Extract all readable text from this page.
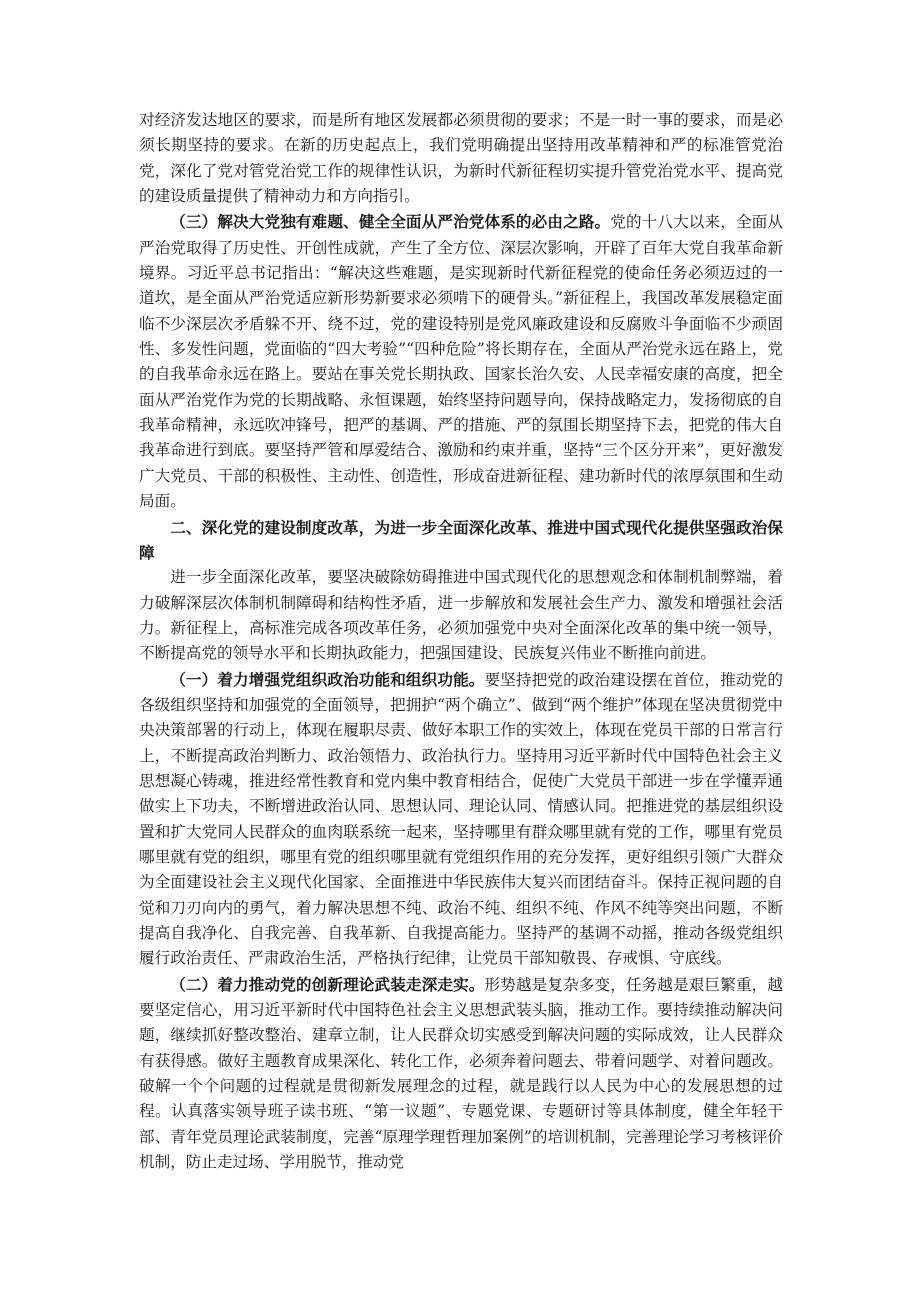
对经济发达地区的要求，而是所有地区发展都必须贯彻的要求；不是一时一事的要求，而是必须长期坚持的要求。在新的历史起点上，我们党明确提出坚持用改革精神和严的标准管党治党，深化了党对管党治党工作的规律性认识，为新时代新征程切实提升管党治党水平、提高党的建设质量提供了精神动力和方向指引。

（三）解决大党独有难题、健全全面从严治党体系的必由之路。党的十八大以来，全面从严治党取得了历史性、开创性成就，产生了全方位、深层次影响，开辟了百年大党自我革命新境界。习近平总书记指出：“解决这些难题，是实现新时代新征程党的使命任务必须迈过的一道坎，是全面从严治党适应新形势新要求必须啃下的硬骨头。”新征程上，我国改革发展稳定面临不少深层次矛盾躲不开、绕不过，党的建设特别是党风廉政建设和反腐败斗争面临不少顽固性、多发性问题，党面临的“四大考验”“四种危险”将长期存在，全面从严治党永远在路上，党的自我革命永远在路上。要站在事关党长期执政、国家长治久安、人民幸福安康的高度，把全面从严治党作为党的长期战略、永恒课题，始终坚持问题导向，保持战略定力，发扬彻底的自我革命精神，永远吹冲锋号，把严的基调、严的措施、严的氛围长期坚持下去，把党的伟大自我革命进行到底。要坚持严管和厚爱结合、激励和约束并重，坚持“三个区分开来”，更好激发广大党员、干部的积极性、主动性、创造性，形成奋进新征程、建功新时代的浓厚氛围和生动局面。

二、深化党的建设制度改革，为进一步全面深化改革、推进中国式现代化提供坚强政治保障

进一步全面深化改革，要坚决破除妨碍推进中国式现代化的思想观念和体制机制弊端，着力破解深层次体制机制障碍和结构性矛盾，进一步解放和发展社会生产力、激发和增强社会活力。新征程上，高标准完成各项改革任务，必须加强党中央对全面深化改革的集中统一领导，不断提高党的领导水平和长期执政能力，把强国建设、民族复兴伟业不断推向前进。

（一）着力增强党组织政治功能和组织功能。要坚持把党的政治建设摆在首位，推动党的各级组织坚持和加强党的全面领导，把拥护“两个确立”、做到“两个维护”体现在坚决贯彻党中央决策部署的行动上，体现在履职尽责、做好本职工作的实效上，体现在党员干部的日常言行上，不断提高政治判断力、政治领悟力、政治执行力。坚持用习近平新时代中国特色社会主义思想凝心铸魂，推进经常性教育和党内集中教育相结合，促使广大党员干部进一步在学懂弄通做实上下功夫，不断增进政治认同、思想认同、理论认同、情感认同。把推进党的基层组织设置和扩大党同人民群众的血肉联系统一起来，坚持哪里有群众哪里就有党的工作，哪里有党员哪里就有党的组织，哪里有党的组织哪里就有党组织作用的充分发挥，更好组织引领广大群众为全面建设社会主义现代化国家、全面推进中华民族伟大复兴而团结奋斗。保持正视问题的自觉和刀刃向内的勇气，着力解决思想不纯、政治不纯、组织不纯、作风不纯等突出问题，不断提高自我净化、自我完善、自我革新、自我提高能力。坚持严的基调不动摇，推动各级党组织履行政治责任、严肃政治生活，严格执行纪律，让党员干部知敬畏、存戒惧、守底线。

（二）着力推动党的创新理论武装走深走实。形势越是复杂多变，任务越是艰巨繁重，越要坚定信心，用习近平新时代中国特色社会主义思想武装头脑，推动工作。要持续推动解决问题，继续抓好整改整治、建章立制，让人民群众切实感受到解决问题的实际成效，让人民群众有获得感。做好主题教育成果深化、转化工作，必须奔着问题去、带着问题学、对着问题改。破解一个个问题的过程就是贯彻新发展理念的过程，就是践行以人民为中心的发展思想的过程。认真落实领导班子读书班、“第一议题”、专题党课、专题研讨等具体制度，健全年轻干部、青年党员理论武装制度，完善“原理学理哲理加案例”的培训机制，完善理论学习考核评价机制，防止走过场、学用脱节，推动党
